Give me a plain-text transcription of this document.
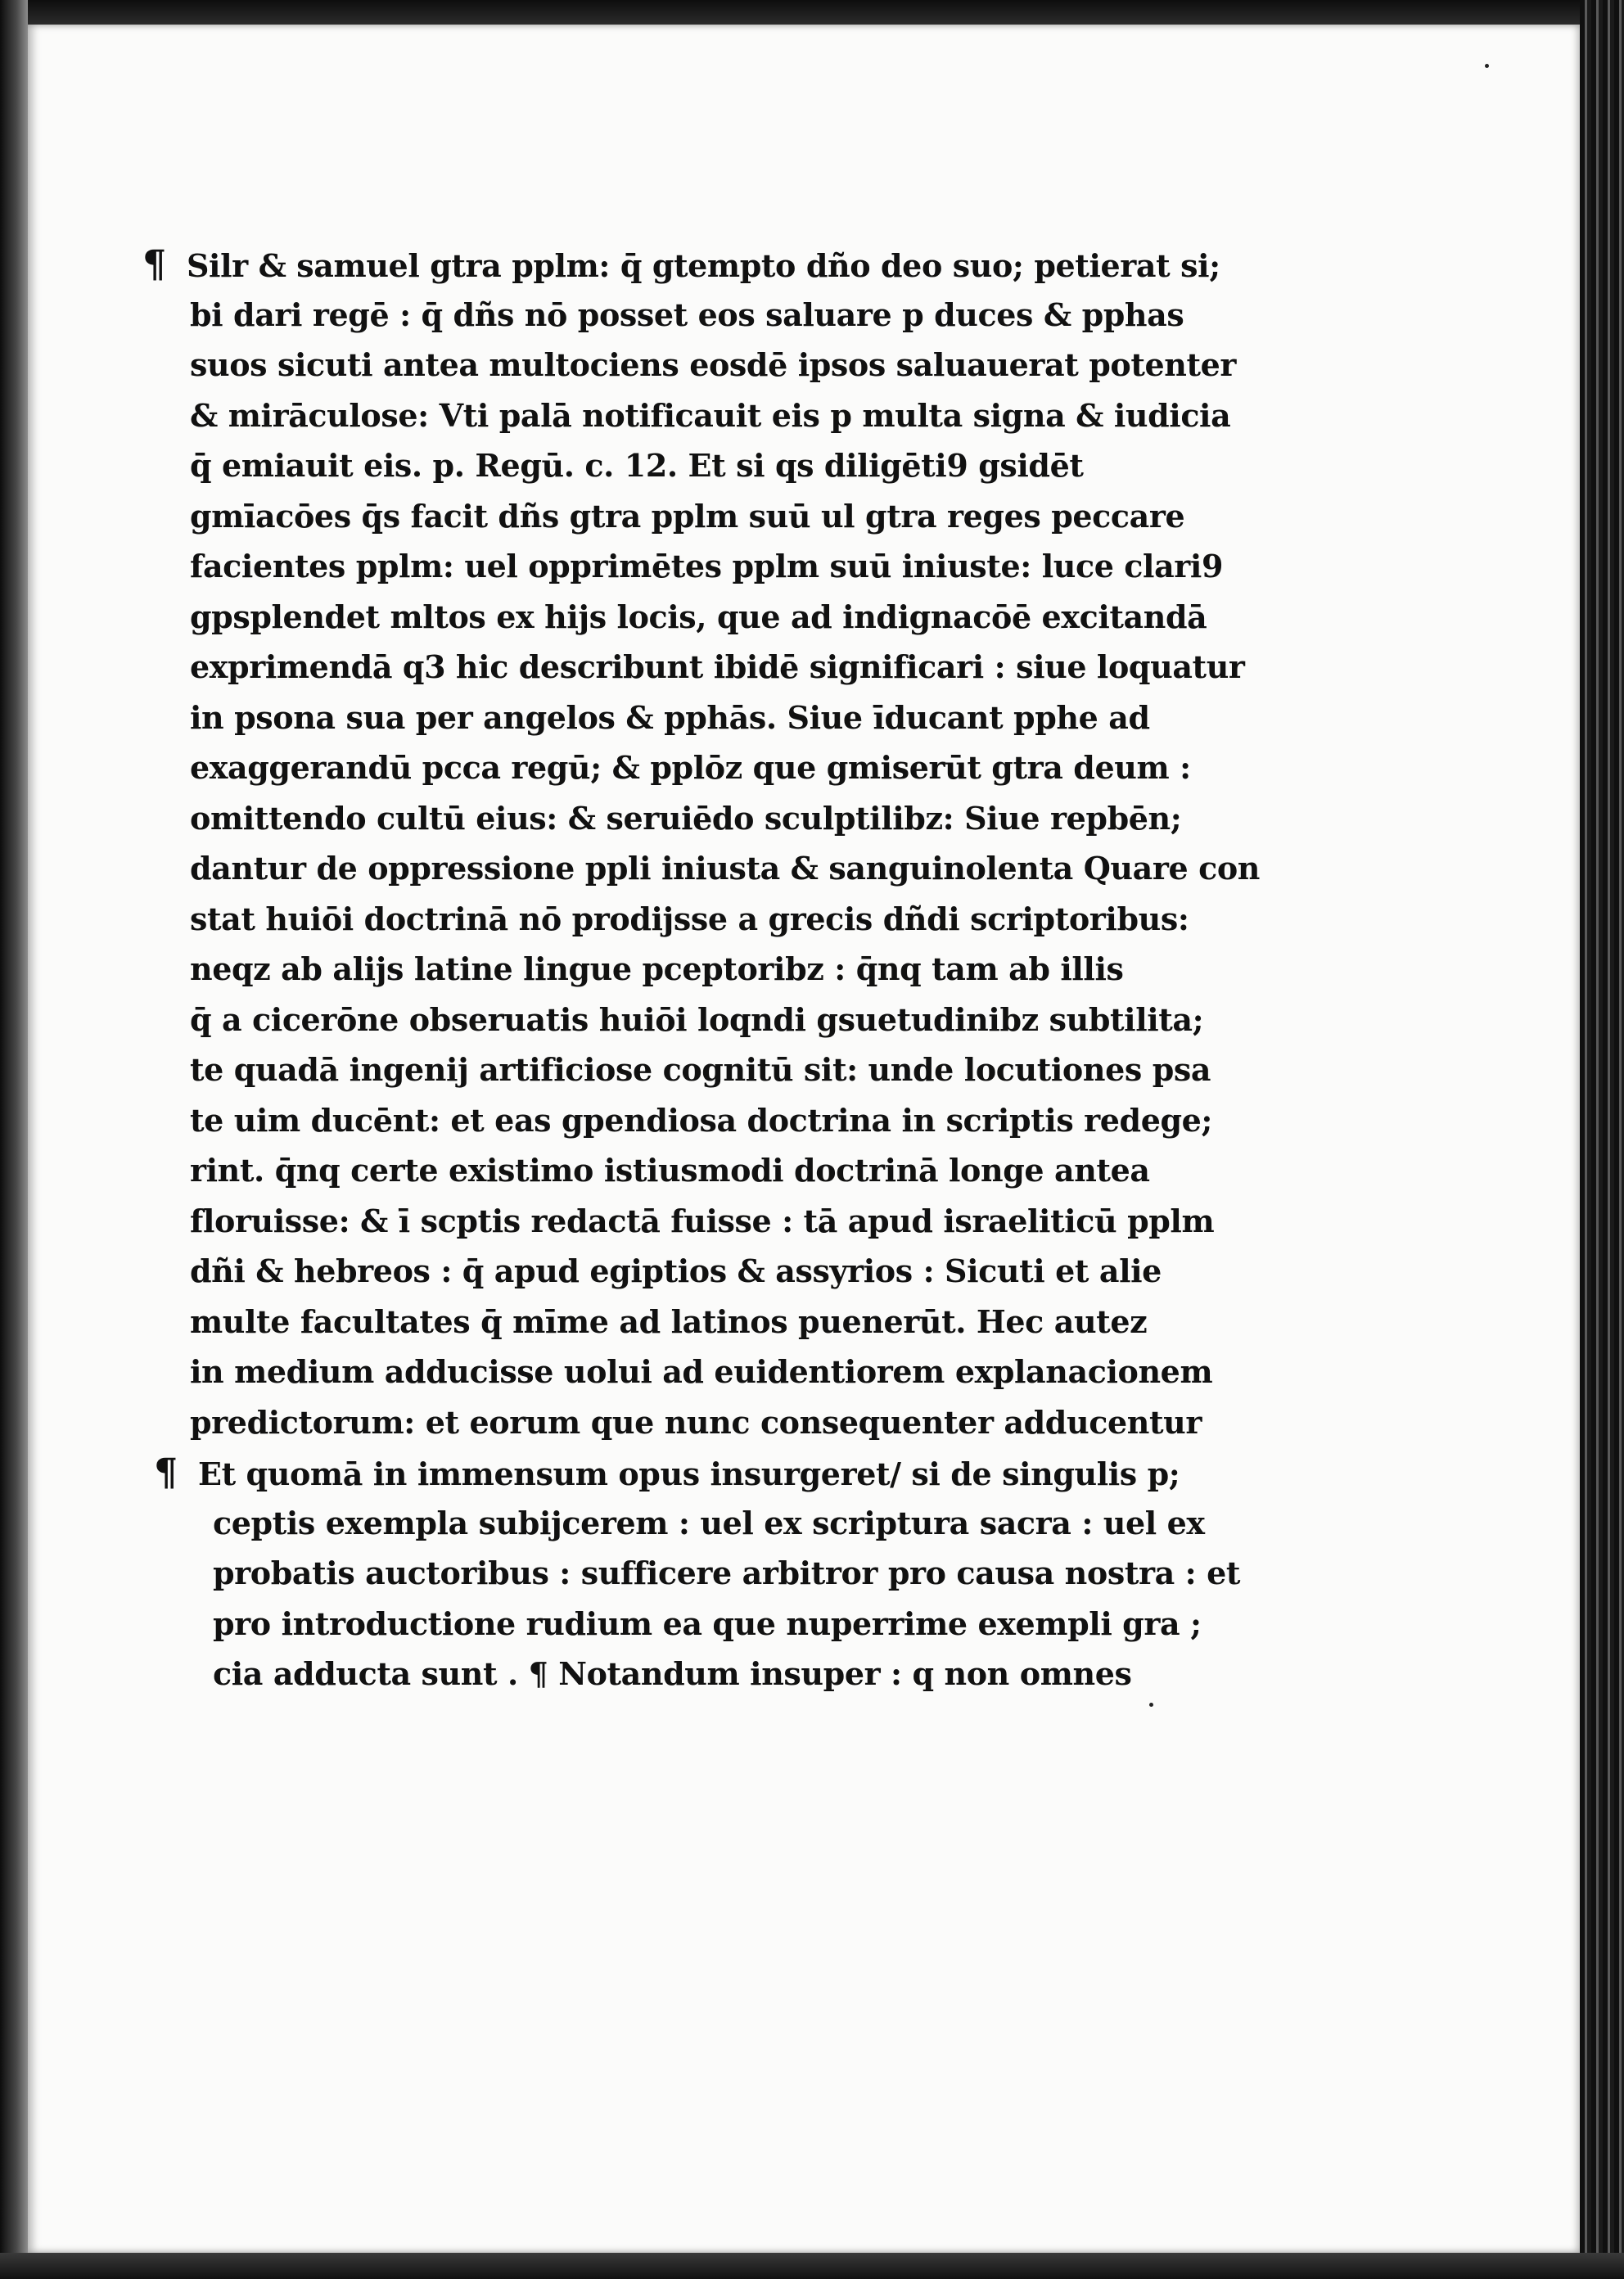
¶ Silr & samuel gtra pplm: q̄ gtempto dño deo suo; petierat si;
bi dari regē : q̄ dñs nō posset eos saluare p duces & pphas
suos sicuti antea multociens eosdē ipsos saluauerat potenter
& mirāculose: Vti palā notificauit eis p multa signa & iudicia
q̄ emiauit eis. p. Regū. c. 12. Et si qs diligēti9 gsidēt
gmīacōes q̄s facit dñs gtra pplm suū ul gtra reges peccare
facientes pplm: uel opprimētes pplm suū iniuste: luce clari9
gpsplendet mltos ex hijs locis, que ad indignacōē excitandā
exprimendā q3 hic describunt ibidē significari : siue loquatur
in psona sua per angelos & pphās. Siue īducant pphe ad
exaggerandū pcca regū; & pplōz que gmiserūt gtra deum :
omittendo cultū eius: & seruiēdo sculptilibz: Siue repbēn;
dantur de oppressione ppli iniusta & sanguinolenta Quare con
stat huiōi doctrinā nō prodijsse a grecis dñdi scriptoribus:
neqz ab alijs latine lingue pceptoribz : q̄nq tam ab illis
q̄ a cicerōne obseruatis huiōi loqndi gsuetudinibz subtilita;
te quadā ingenij artificiose cognitū sit: unde locutiones psa
te uim ducēnt: et eas gpendiosa doctrina in scriptis redege;
rint. q̄nq certe existimo istiusmodi doctrinā longe antea
floruisse: & ī scptis redactā fuisse : tā apud israeliticū pplm
dñi & hebreos : q̄ apud egiptios & assyrios : Sicuti et alie
multe facultates q̄ mīme ad latinos puenerūt. Hec autez
in medium adducisse uolui ad euidentiorem explanacionem
predictorum: et eorum que nunc consequenter adducentur
¶ Et quomā in immensum opus insurgeret/ si de singulis p;
ceptis exempla subijcerem : uel ex scriptura sacra : uel ex
probatis auctoribus : sufficere arbitror pro causa nostra : et
pro introductione rudium ea que nuperrime exempli gra ;
cia adducta sunt . ¶ Notandum insuper : q non omnes
